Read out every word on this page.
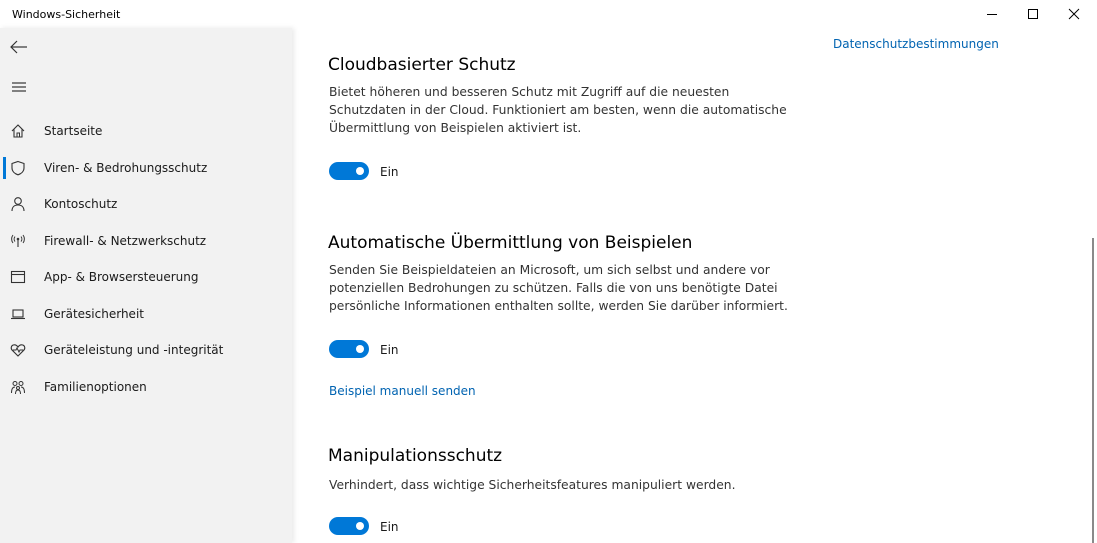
Windows-Sicherheit
Startseite
Viren- & Bedrohungsschutz
Kontoschutz
Firewall- & Netzwerkschutz
App- & Browsersteuerung
Gerätesicherheit
Geräteleistung und -integrität
Familienoptionen
Datenschutzbestimmungen
Cloudbasierter Schutz
Bietet höheren und besseren Schutz mit Zugriff auf die neuesten Schutzdaten in der Cloud. Funktioniert am besten, wenn die automatische Übermittlung von Beispielen aktiviert ist.
Ein
Automatische Übermittlung von Beispielen
Senden Sie Beispieldateien an Microsoft, um sich selbst und andere vor potenziellen Bedrohungen zu schützen. Falls die von uns benötigte Datei persönliche Informationen enthalten sollte, werden Sie darüber informiert.
Ein
Beispiel manuell senden
Manipulationsschutz
Verhindert, dass wichtige Sicherheitsfeatures manipuliert werden.
Ein
